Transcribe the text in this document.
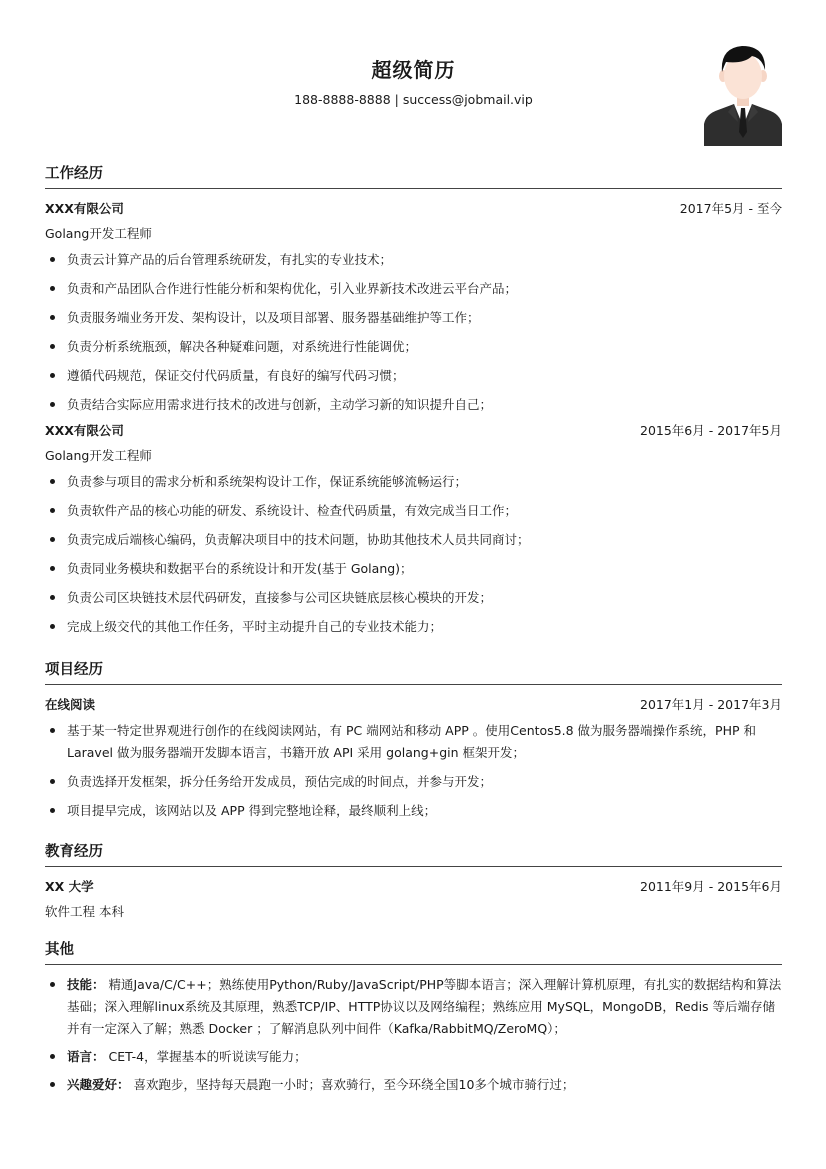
超级简历
188-8888-8888 | success@jobmail.vip
工作经历
XXX有限公司	2017年5月 - 至今
Golang开发工程师
负责云计算产品的后台管理系统研发，有扎实的专业技术；
负责和产品团队合作进行性能分析和架构优化，引入业界新技术改进云平台产品；
负责服务端业务开发、架构设计，以及项目部署、服务器基础维护等工作；
负责分析系统瓶颈，解决各种疑难问题，对系统进行性能调优；
遵循代码规范，保证交付代码质量，有良好的编写代码习惯；
负责结合实际应用需求进行技术的改进与创新，主动学习新的知识提升自己；
XXX有限公司	2015年6月 - 2017年5月
Golang开发工程师
负责参与项目的需求分析和系统架构设计工作，保证系统能够流畅运行；
负责软件产品的核心功能的研发、系统设计、检查代码质量，有效完成当日工作；
负责完成后端核心编码，负责解决项目中的技术问题，协助其他技术人员共同商讨；
负责同业务模块和数据平台的系统设计和开发(基于 Golang)；
负责公司区块链技术层代码研发，直接参与公司区块链底层核心模块的开发；
完成上级交代的其他工作任务，平时主动提升自己的专业技术能力；
项目经历
在线阅读	2017年1月 - 2017年3月
基于某一特定世界观进行创作的在线阅读网站，有 PC 端网站和移动 APP 。使用Centos5.8 做为服务器端操作系统，PHP 和 Laravel 做为服务器端开发脚本语言，书籍开放 API 采用 golang+gin 框架开发；
负责选择开发框架，拆分任务给开发成员，预估完成的时间点，并参与开发；
项目提早完成，该网站以及 APP 得到完整地诠释，最终顺利上线；
教育经历
XX 大学	2011年9月 - 2015年6月
软件工程 本科
其他
技能： 精通Java/C/C++；熟练使用Python/Ruby/JavaScript/PHP等脚本语言；深入理解计算机原理，有扎实的数据结构和算法基础；深入理解linux系统及其原理，熟悉TCP/IP、HTTP协议以及网络编程；熟练应用 MySQL，MongoDB，Redis 等后端存储并有一定深入了解；熟悉 Docker ；了解消息队列中间件（Kafka/RabbitMQ/ZeroMQ）；
语言： CET-4，掌握基本的听说读写能力；
兴趣爱好： 喜欢跑步，坚持每天晨跑一小时；喜欢骑行，至今环绕全国10多个城市骑行过；
